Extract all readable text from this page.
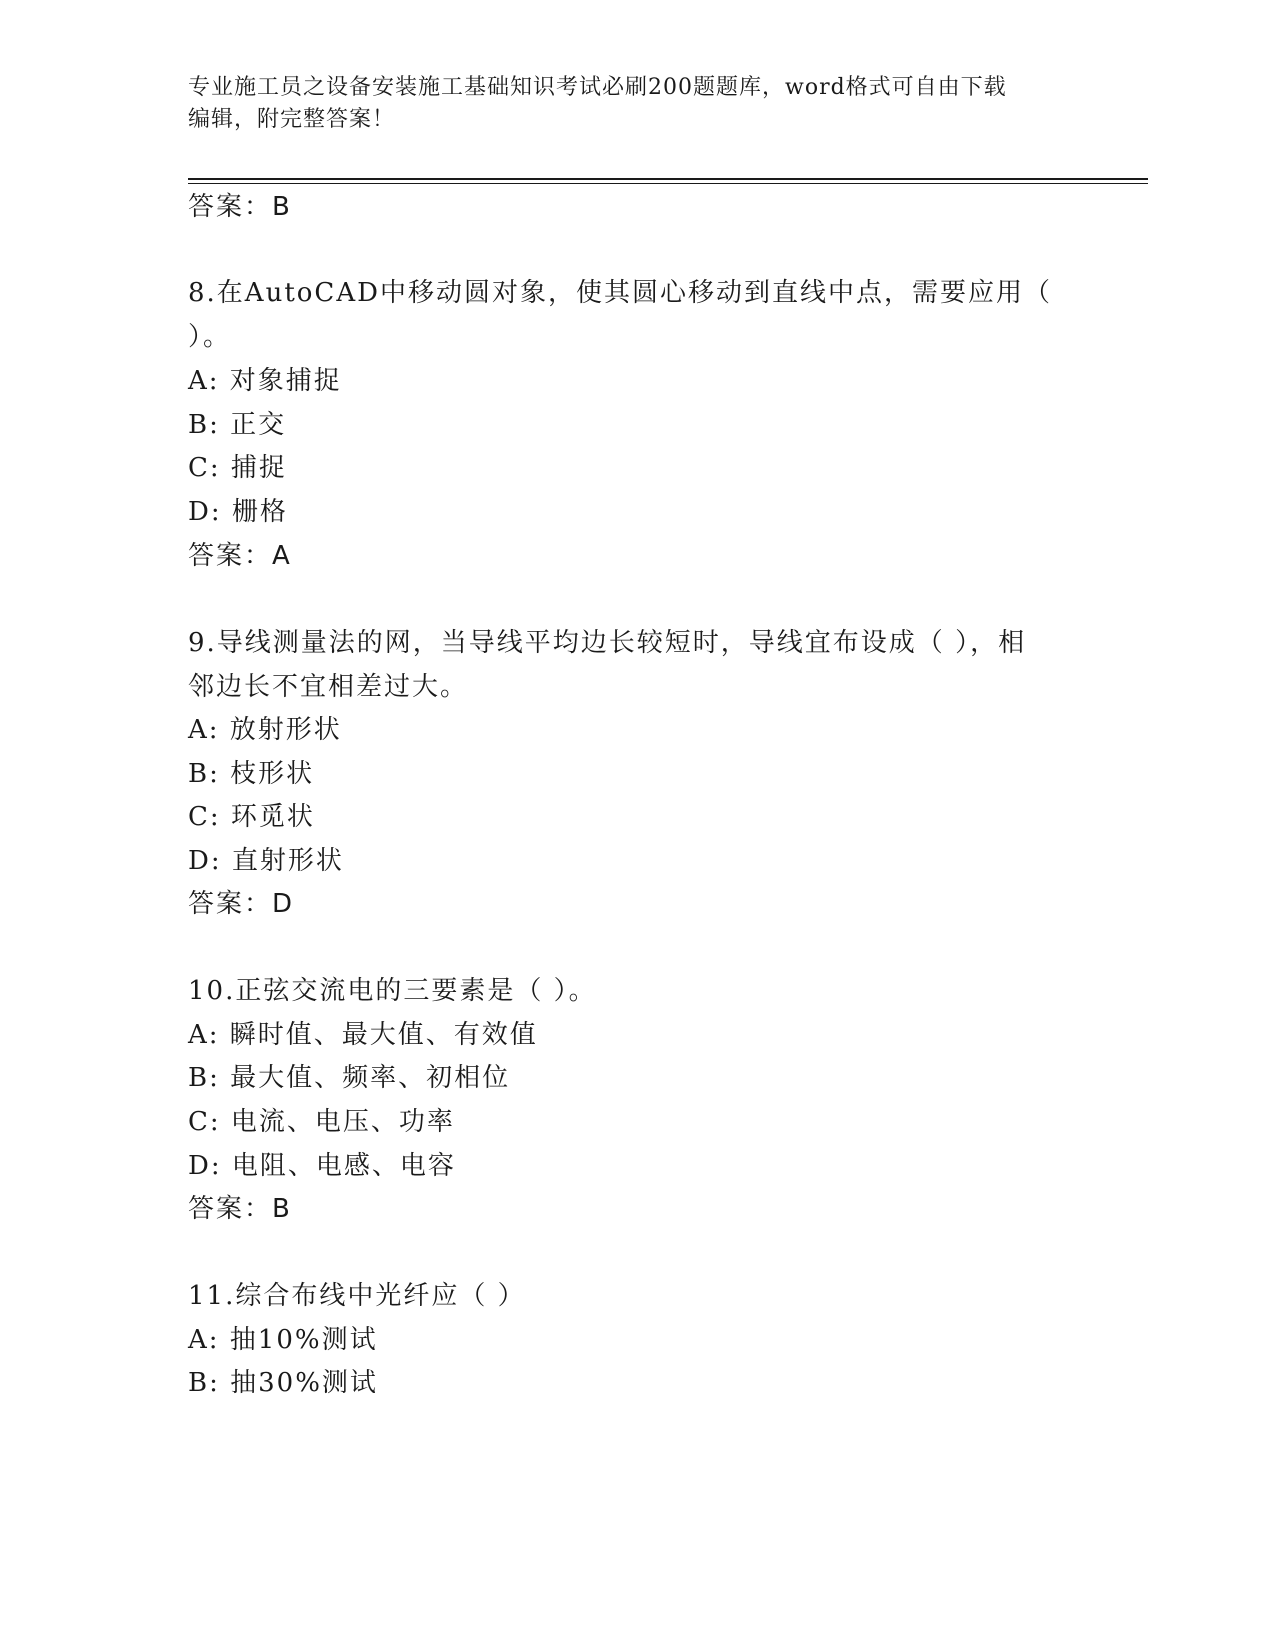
专业施工员之设备安装施工基础知识考试必刷200题题库，word格式可自由下载
编辑，附完整答案！
答案：B
8.在AutoCAD中移动圆对象，使其圆心移动到直线中点，需要应用（
）。
A: 对象捕捉
B: 正交
C: 捕捉
D: 栅格
答案：A
9.导线测量法的网，当导线平均边长较短时，导线宜布设成（ ），相
邻边长不宜相差过大。
A: 放射形状
B: 枝形状
C: 环觅状
D: 直射形状
答案：D
10.正弦交流电的三要素是（ ）。
A: 瞬时值、最大值、有效值
B: 最大值、频率、初相位
C: 电流、电压、功率
D: 电阻、电感、电容
答案：B
11.综合布线中光纤应（ ）
A: 抽10%测试
B: 抽30%测试
